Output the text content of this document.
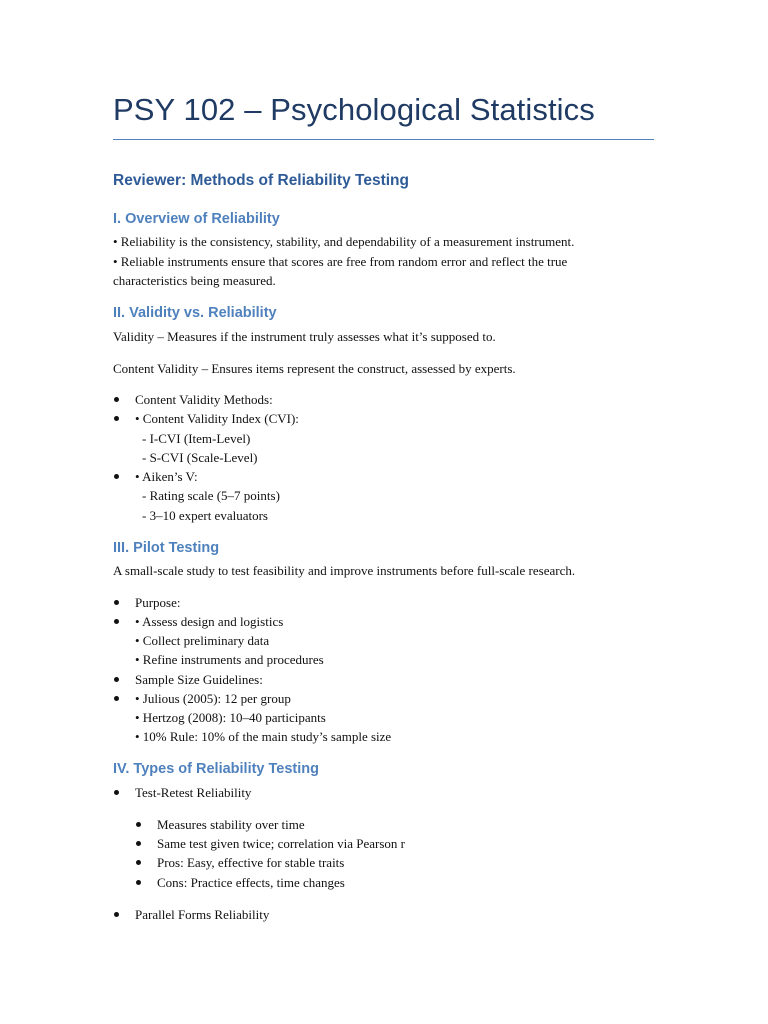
PSY 102 – Psychological Statistics
Reviewer: Methods of Reliability Testing
I. Overview of Reliability
• Reliability is the consistency, stability, and dependability of a measurement instrument.
• Reliable instruments ensure that scores are free from random error and reflect the true
characteristics being measured.
II. Validity vs. Reliability
Validity – Measures if the instrument truly assesses what it’s supposed to.
Content Validity – Ensures items represent the construct, assessed by experts.
Content Validity Methods:
• Content Validity Index (CVI):
- I-CVI (Item-Level)
- S-CVI (Scale-Level)
• Aiken’s V:
- Rating scale (5–7 points)
- 3–10 expert evaluators
III. Pilot Testing
A small-scale study to test feasibility and improve instruments before full-scale research.
Purpose:
• Assess design and logistics
• Collect preliminary data
• Refine instruments and procedures
Sample Size Guidelines:
• Julious (2005): 12 per group
• Hertzog (2008): 10–40 participants
• 10% Rule: 10% of the main study’s sample size
IV. Types of Reliability Testing
Test-Retest Reliability
Measures stability over time
Same test given twice; correlation via Pearson r
Pros: Easy, effective for stable traits
Cons: Practice effects, time changes
Parallel Forms Reliability
